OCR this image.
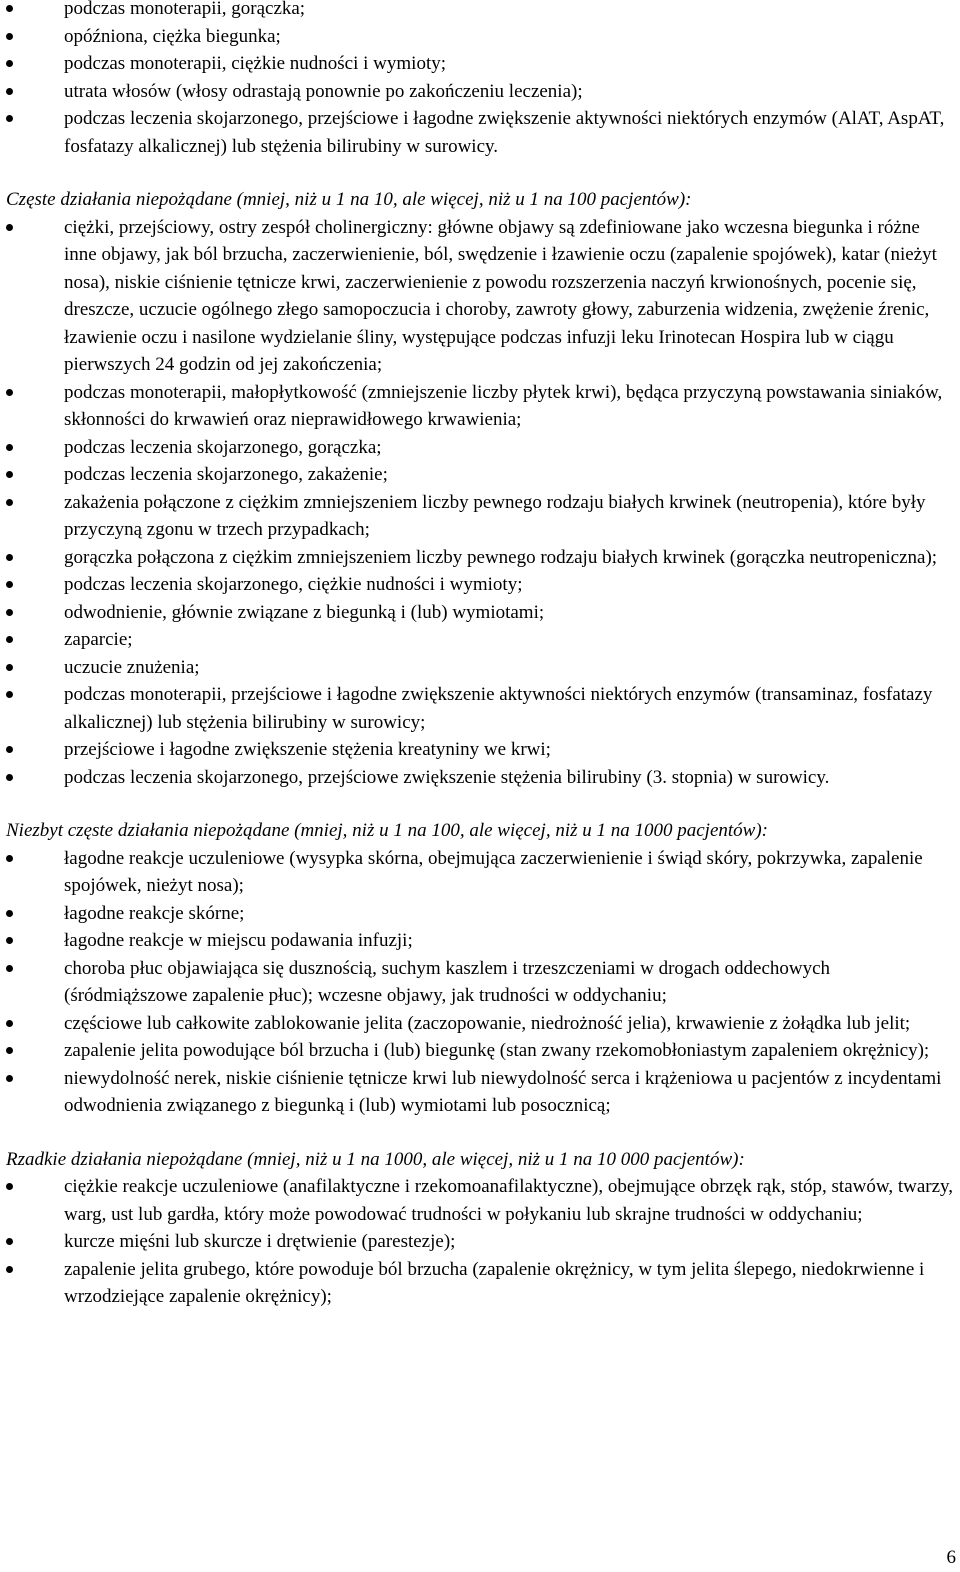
podczas monoterapii, gorączka;
opóźniona, ciężka biegunka;
podczas monoterapii, ciężkie nudności i wymioty;
utrata włosów (włosy odrastają ponownie po zakończeniu leczenia);
podczas leczenia skojarzonego, przejściowe i łagodne zwiększenie aktywności niektórych enzymów (AlAT, AspAT, fosfatazy alkalicznej) lub stężenia bilirubiny w surowicy.

Częste działania niepożądane (mniej, niż u 1 na 10, ale więcej, niż u 1 na 100 pacjentów):

ciężki, przejściowy, ostry zespół cholinergiczny: główne objawy są zdefiniowane jako wczesna biegunka i różne inne objawy, jak ból brzucha, zaczerwienienie, ból, swędzenie i łzawienie oczu (zapalenie spojówek), katar (nieżyt nosa), niskie ciśnienie tętnicze krwi, zaczerwienienie z powodu rozszerzenia naczyń krwionośnych, pocenie się, dreszcze, uczucie ogólnego złego samopoczucia i choroby, zawroty głowy, zaburzenia widzenia, zwężenie źrenic, łzawienie oczu i nasilone wydzielanie śliny, występujące podczas infuzji leku Irinotecan Hospira lub w ciągu pierwszych 24 godzin od jej zakończenia;
podczas monoterapii, małopłytkowość (zmniejszenie liczby płytek krwi), będąca przyczyną powstawania siniaków, skłonności do krwawień oraz nieprawidłowego krwawienia;
podczas leczenia skojarzonego, gorączka;
podczas leczenia skojarzonego, zakażenie;
zakażenia połączone z ciężkim zmniejszeniem liczby pewnego rodzaju białych krwinek (neutropenia), które były przyczyną zgonu w trzech przypadkach;
gorączka połączona z ciężkim zmniejszeniem liczby pewnego rodzaju białych krwinek (gorączka neutropeniczna);
podczas leczenia skojarzonego, ciężkie nudności i wymioty;
odwodnienie, głównie związane z biegunką i (lub) wymiotami;
zaparcie;
uczucie znużenia;
podczas monoterapii, przejściowe i łagodne zwiększenie aktywności niektórych enzymów (transaminaz, fosfatazy alkalicznej) lub stężenia bilirubiny w surowicy;
przejściowe i łagodne zwiększenie stężenia kreatyniny we krwi;
podczas leczenia skojarzonego, przejściowe zwiększenie stężenia bilirubiny (3. stopnia) w surowicy.

Niezbyt częste działania niepożądane (mniej, niż u 1 na 100, ale więcej, niż u 1 na 1000 pacjentów):

łagodne reakcje uczuleniowe (wysypka skórna, obejmująca zaczerwienienie i świąd skóry, pokrzywka, zapalenie spojówek, nieżyt nosa);
łagodne reakcje skórne;
łagodne reakcje w miejscu podawania infuzji;
choroba płuc objawiająca się dusznością, suchym kaszlem i trzeszczeniami w drogach oddechowych (śródmiąższowe zapalenie płuc); wczesne objawy, jak trudności w oddychaniu;
częściowe lub całkowite zablokowanie jelita (zaczopowanie, niedrożność jelia), krwawienie z żołądka lub jelit;
zapalenie jelita powodujące ból brzucha i (lub) biegunkę (stan zwany rzekomobłoniastym zapaleniem okrężnicy);
niewydolność nerek, niskie ciśnienie tętnicze krwi lub niewydolność serca i krążeniowa u pacjentów z incydentami odwodnienia związanego z biegunką i (lub) wymiotami lub posocznicą;

Rzadkie działania niepożądane (mniej, niż u 1 na 1000, ale więcej, niż u 1 na 10 000 pacjentów):

ciężkie reakcje uczuleniowe (anafilaktyczne i rzekomoanafilaktyczne), obejmujące obrzęk rąk, stóp, stawów, twarzy, warg, ust lub gardła, który może powodować trudności w połykaniu lub skrajne trudności w oddychaniu;
kurcze mięśni lub skurcze i drętwienie (parestezje);
zapalenie jelita grubego, które powoduje ból brzucha (zapalenie okrężnicy, w tym jelita ślepego, niedokrwienne i wrzodziejące zapalenie okrężnicy);
6
